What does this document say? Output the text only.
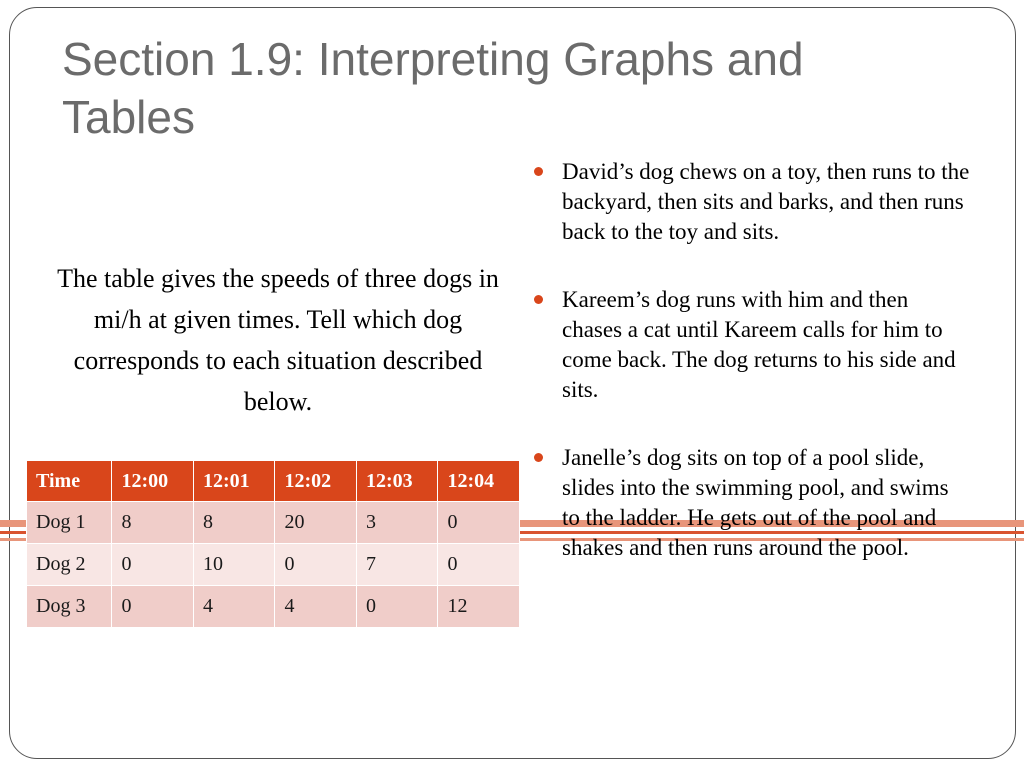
Section 1.9: Interpreting Graphs and Tables

The table gives the speeds of three dogs in mi/h at given times. Tell which dog corresponds to each situation described below.

Time	12:00	12:01	12:02	12:03	12:04
Dog 1	8	8	20	3	0
Dog 2	0	10	0	7	0
Dog 3	0	4	4	0	12
David’s dog chews on a toy, then runs to the backyard, then sits and barks, and then runs back to the toy and sits.
Kareem’s dog runs with him and then chases a cat until Kareem calls for him to come back. The dog returns to his side and sits.
Janelle’s dog sits on top of a pool slide, slides into the swimming pool, and swims to the ladder. He gets out of the pool and shakes and then runs around the pool.
